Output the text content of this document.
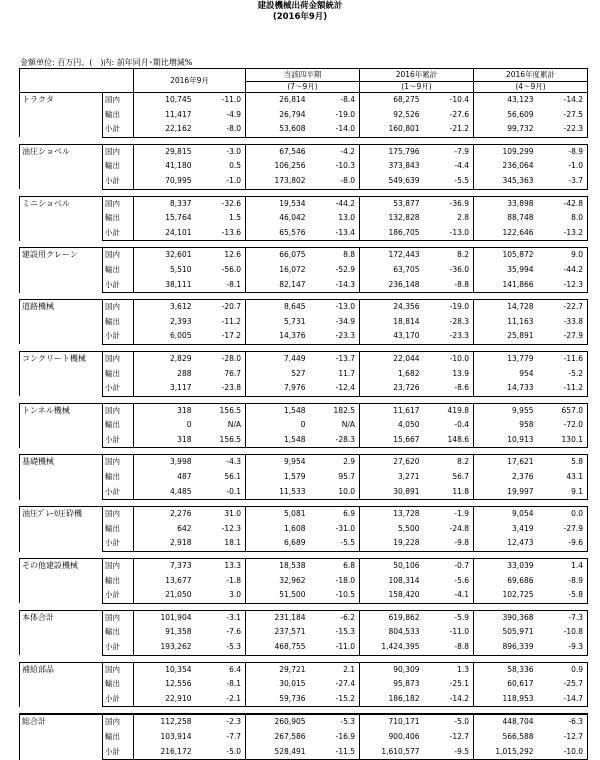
建設機械出荷金額統計
(2016年9月)
金額単位: 百万円、(　)内: 前年同月･期比増減%
		2016年9月		当該四半期		2016年累計		2016年度累計	
				(7～9月)		(1～9月)		(4～9月)	
トラクタ	国内	10,745	-11.0	26,814	-8.4	68,275	-10.4	43,123	-14.2
	輸出	11,417	-4.9	26,794	-19.0	92,526	-27.6	56,609	-27.5
	小計	22,162	-8.0	53,608	-14.0	160,801	-21.2	99,732	-22.3

油圧ショベル	国内	29,815	-3.0	67,546	-4.2	175,796	-7.9	109,299	-8.9
	輸出	41,180	0.5	106,256	-10.3	373,843	-4.4	236,064	-1.0
	小計	70,995	-1.0	173,802	-8.0	549,639	-5.5	345,363	-3.7

ミニショベル	国内	8,337	-32.6	19,534	-44.2	53,877	-36.9	33,898	-42.8
	輸出	15,764	1.5	46,042	13.0	132,828	2.8	88,748	8.0
	小計	24,101	-13.6	65,576	-13.4	186,705	-13.0	122,646	-13.2

建設用クレーン	国内	32,601	12.6	66,075	8.8	172,443	8.2	105,872	9.0
	輸出	5,510	-56.0	16,072	-52.9	63,705	-36.0	35,994	-44.2
	小計	38,111	-8.1	82,147	-14.3	236,148	-8.8	141,866	-12.3

道路機械	国内	3,612	-20.7	8,645	-13.0	24,356	-19.0	14,728	-22.7
	輸出	2,393	-11.2	5,731	-34.9	18,814	-28.3	11,163	-33.8
	小計	6,005	-17.2	14,376	-23.3	43,170	-23.3	25,891	-27.9

コンクリート機械	国内	2,829	-28.0	7,449	-13.7	22,044	-10.0	13,779	-11.6
	輸出	288	76.7	527	11.7	1,682	13.9	954	-5.2
	小計	3,117	-23.8	7,976	-12.4	23,726	-8.6	14,733	-11.2

トンネル機械	国内	318	156.5	1,548	182.5	11,617	419.8	9,955	657.0
	輸出	0	N/A	0	N/A	4,050	-0.4	958	-72.0
	小計	318	156.5	1,548	-28.3	15,667	148.6	10,913	130.1

基礎機械	国内	3,998	-4.3	9,954	2.9	27,620	8.2	17,621	5.8
	輸出	487	56.1	1,579	95.7	3,271	56.7	2,376	43.1
	小計	4,485	-0.1	11,533	10.0	30,891	11.8	19,997	9.1

油圧ﾌﾞﾚｰｶ圧砕機	国内	2,276	31.0	5,081	6.9	13,728	-1.9	9,054	0.0
	輸出	642	-12.3	1,608	-31.0	5,500	-24.8	3,419	-27.9
	小計	2,918	18.1	6,689	-5.5	19,228	-9.8	12,473	-9.6

その他建設機械	国内	7,373	13.3	18,538	6.8	50,106	-0.7	33,039	1.4
	輸出	13,677	-1.8	32,962	-18.0	108,314	-5.6	69,686	-8.9
	小計	21,050	3.0	51,500	-10.5	158,420	-4.1	102,725	-5.8

本体合計	国内	101,904	-3.1	231,184	-6.2	619,862	-5.9	390,368	-7.3
	輸出	91,358	-7.6	237,571	-15.3	804,533	-11.0	505,971	-10.8
	小計	193,262	-5.3	468,755	-11.0	1,424,395	-8.8	896,339	-9.3

補給部品	国内	10,354	6.4	29,721	2.1	90,309	1.3	58,336	0.9
	輸出	12,556	-8.1	30,015	-27.4	95,873	-25.1	60,617	-25.7
	小計	22,910	-2.1	59,736	-15.2	186,182	-14.2	118,953	-14.7

総合計	国内	112,258	-2.3	260,905	-5.3	710,171	-5.0	448,704	-6.3
	輸出	103,914	-7.7	267,586	-16.9	900,406	-12.7	566,588	-12.7
	小計	216,172	-5.0	528,491	-11.5	1,610,577	-9.5	1,015,292	-10.0
